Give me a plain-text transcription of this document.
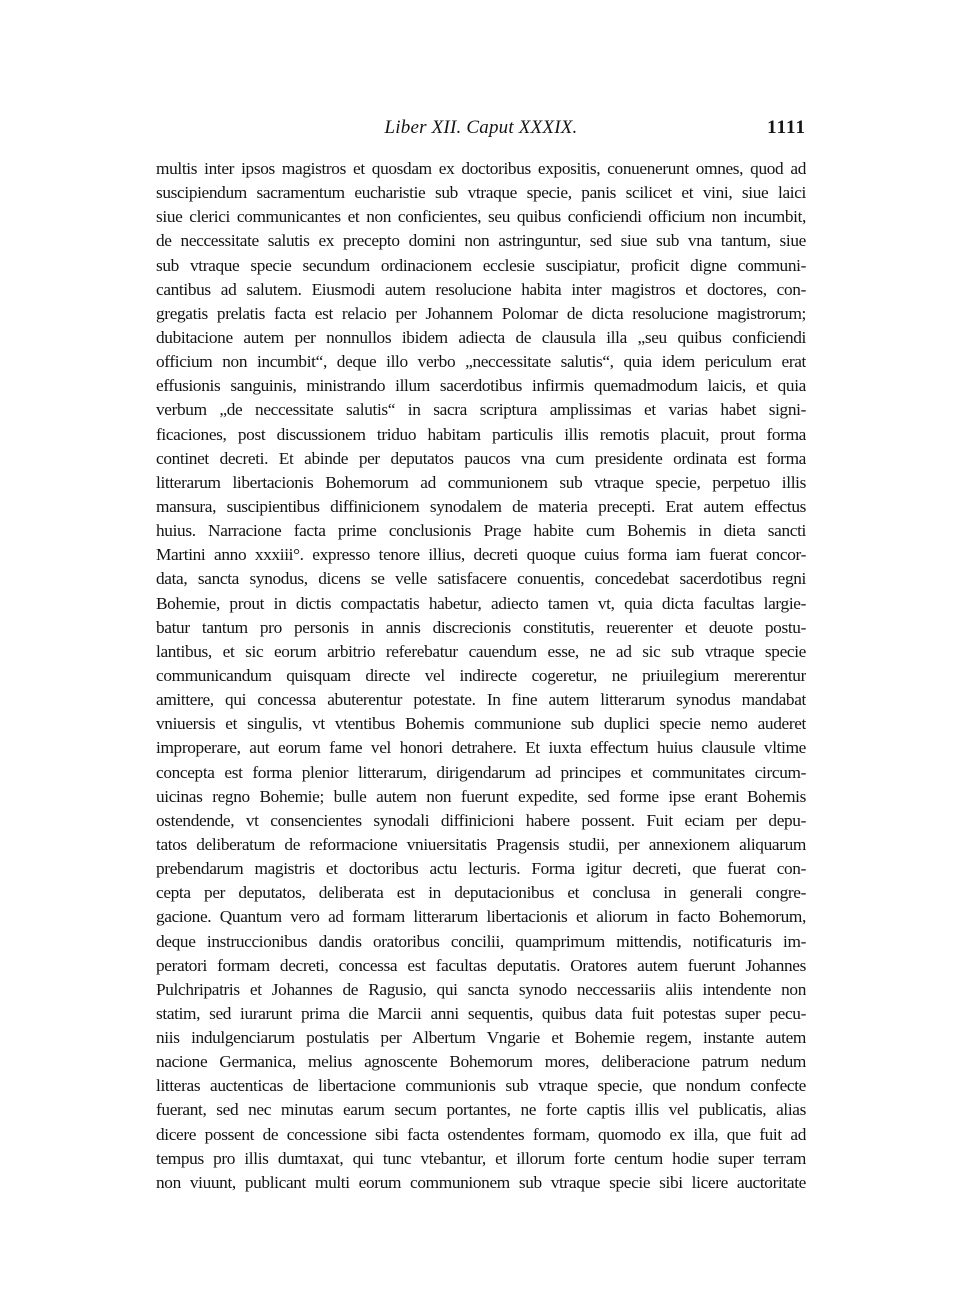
Liber XII. Caput XXXIX.	1111
multis inter ipsos magistros et quosdam ex doctoribus expositis, conuenerunt omnes, quod ad
suscipiendum sacramentum eucharistie sub vtraque specie, panis scilicet et vini, siue laici
siue clerici communicantes et non conficientes, seu quibus conficiendi officium non incumbit,
de neccessitate salutis ex precepto domini non astringuntur, sed siue sub vna tantum, siue
sub vtraque specie secundum ordinacionem ecclesie suscipiatur, proficit digne communi-
cantibus ad salutem. Eiusmodi autem resolucione habita inter magistros et doctores, con-
gregatis prelatis facta est relacio per Johannem Polomar de dicta resolucione magistrorum;
dubitacione autem per nonnullos ibidem adiecta de clausula illa „seu quibus conficiendi
officium non incumbit“, deque illo verbo „neccessitate salutis“, quia idem periculum erat
effusionis sanguinis, ministrando illum sacerdotibus infirmis quemadmodum laicis, et quia
verbum „de neccessitate salutis“ in sacra scriptura amplissimas et varias habet signi-
ficaciones, post discussionem triduo habitam particulis illis remotis placuit, prout forma
continet decreti. Et abinde per deputatos paucos vna cum presidente ordinata est forma
litterarum libertacionis Bohemorum ad communionem sub vtraque specie, perpetuo illis
mansura, suscipientibus diffinicionem synodalem de materia precepti. Erat autem effectus
huius. Narracione facta prime conclusionis Prage habite cum Bohemis in dieta sancti
Martini anno xxxiii°. expresso tenore illius, decreti quoque cuius forma iam fuerat concor-
data, sancta synodus, dicens se velle satisfacere conuentis, concedebat sacerdotibus regni
Bohemie, prout in dictis compactatis habetur, adiecto tamen vt, quia dicta facultas largie-
batur tantum pro personis in annis discrecionis constitutis, reuerenter et deuote postu-
lantibus, et sic eorum arbitrio referebatur cauendum esse, ne ad sic sub vtraque specie
communicandum quisquam directe vel indirecte cogeretur, ne priuilegium mererentur
amittere, qui concessa abuterentur potestate. In fine autem litterarum synodus mandabat
vniuersis et singulis, vt vtentibus Bohemis communione sub duplici specie nemo auderet
improperare, aut eorum fame vel honori detrahere. Et iuxta effectum huius clausule vltime
concepta est forma plenior litterarum, dirigendarum ad principes et communitates circum-
uicinas regno Bohemie; bulle autem non fuerunt expedite, sed forme ipse erant Bohemis
ostendende, vt consencientes synodali diffinicioni habere possent. Fuit eciam per depu-
tatos deliberatum de reformacione vniuersitatis Pragensis studii, per annexionem aliquarum
prebendarum magistris et doctoribus actu lecturis. Forma igitur decreti, que fuerat con-
cepta per deputatos, deliberata est in deputacionibus et conclusa in generali congre-
gacione. Quantum vero ad formam litterarum libertacionis et aliorum in facto Bohemorum,
deque instruccionibus dandis oratoribus concilii, quamprimum mittendis, notificaturis im-
peratori formam decreti, concessa est facultas deputatis. Oratores autem fuerunt Johannes
Pulchripatris et Johannes de Ragusio, qui sancta synodo neccessariis aliis intendente non
statim, sed iurarunt prima die Marcii anni sequentis, quibus data fuit potestas super pecu-
niis indulgenciarum postulatis per Albertum Vngarie et Bohemie regem, instante autem
nacione Germanica, melius agnoscente Bohemorum mores, deliberacione patrum nedum
litteras auctenticas de libertacione communionis sub vtraque specie, que nondum confecte
fuerant, sed nec minutas earum secum portantes, ne forte captis illis vel publicatis, alias
dicere possent de concessione sibi facta ostendentes formam, quomodo ex illa, que fuit ad
tempus pro illis dumtaxat, qui tunc vtebantur, et illorum forte centum hodie super terram
non viuunt, publicant multi eorum communionem sub vtraque specie sibi licere auctoritate
